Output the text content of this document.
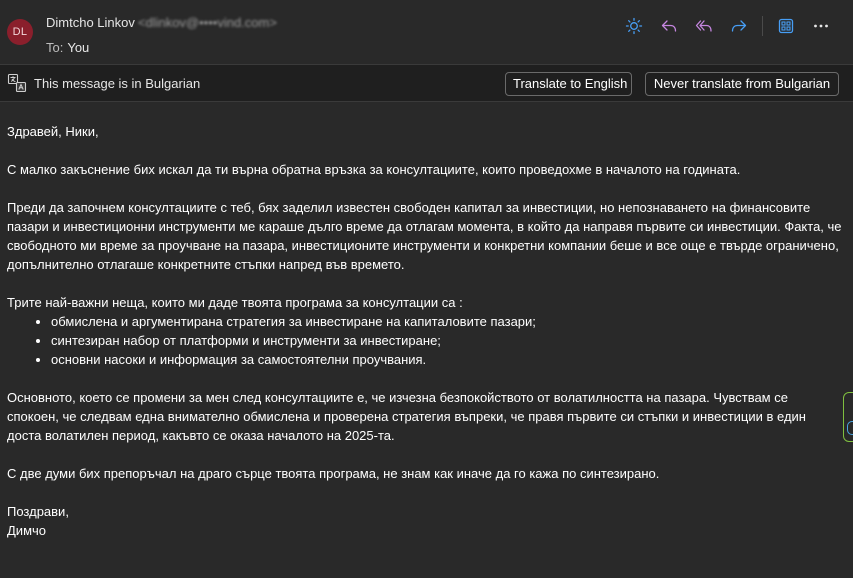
DL
Dimtcho Linkov <dlinkov@••••vind.com>
To: You
This message is in Bulgarian	Translate to English	Never translate from Bulgarian

Здравей, Ники,

С малко закъснение бих искал да ти върна обратна връзка за консултациите, които проведохме в началото на годината.

Преди да започнем консултациите с теб, бях заделил известен свободен капитал за инвестиции, но непознаването на финансовите пазари и инвестиционни инструменти ме караше дълго време да отлагам момента, в който да направя първите си инвестиции. Факта, че свободното ми време за проучване на пазара, инвестиционите инструменти и конкретни компании беше и все още е твърде ограничено, допълнително отлагаше конкретните стъпки напред във времето.

Трите най-важни неща, които ми даде твоята програма за консултации са :
• обмислена и аргументирана стратегия за инвестиране на капиталовите пазари;
• синтезиран набор от платформи и инструменти за инвестиране;
• основни насоки и информация за самостоятелни проучвания.

Основното, което се промени за мен след консултациите е, че изчезна безпокойството от волатилността на пазара. Чувствам се спокоен, че следвам една внимателно обмислена и проверена стратегия въпреки, че правя първите си стъпки и инвестиции в един доста волатилен период, какъвто се оказа началото на 2025-та.

С две думи бих препоръчал на драго сърце твоята програма, не знам как иначе да го кажа по синтезирано.

Поздрави,
Димчо
